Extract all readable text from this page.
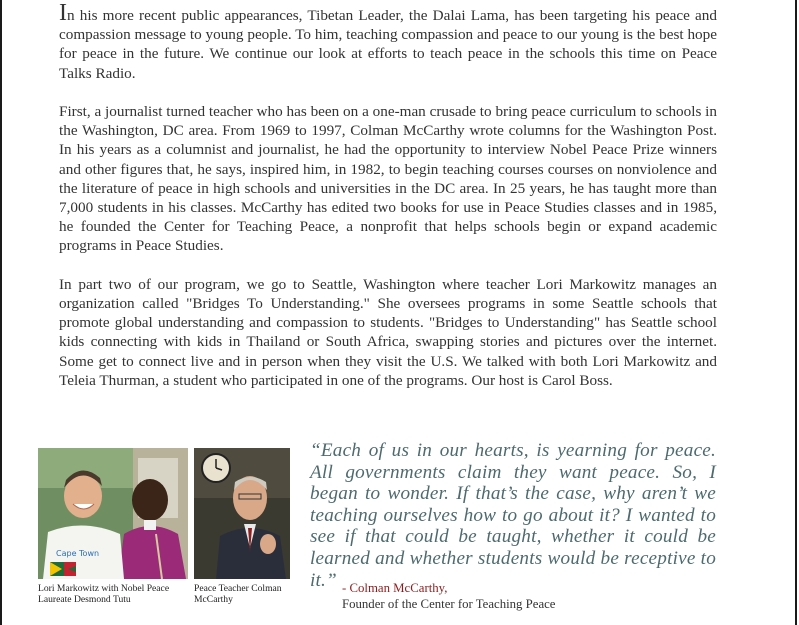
In his more recent public appearances, Tibetan Leader, the Dalai Lama, has been targeting his peace and compassion message to young people. To him, teaching compassion and peace to our young is the best hope for peace in the future. We continue our look at efforts to teach peace in the schools this time on Peace Talks Radio.

First, a journalist turned teacher who has been on a one-man crusade to bring peace curriculum to schools in the Washington, DC area. From 1969 to 1997, Colman McCarthy wrote columns for the Washington Post. In his years as a columnist and journalist, he had the opportunity to interview Nobel Peace Prize winners and other figures that, he says, inspired him, in 1982, to begin teaching courses courses on nonviolence and the literature of peace in high schools and universities in the DC area. In 25 years, he has taught more than 7,000 students in his classes. McCarthy has edited two books for use in Peace Studies classes and in 1985, he founded the Center for Teaching Peace, a nonprofit that helps schools begin or expand academic programs in Peace Studies.

In part two of our program, we go to Seattle, Washington where teacher Lori Markowitz manages an organization called "Bridges To Understanding." She oversees programs in some Seattle schools that promote global understanding and compassion to students. "Bridges to Understanding" has Seattle school kids connecting with kids in Thailand or South Africa, swapping stories and pictures over the internet. Some get to connect live and in person when they visit the U.S. We talked with both Lori Markowitz and Teleia Thurman, a student who participated in one of the programs. Our host is Carol Boss.

Cape Town
Lori Markowitz with Nobel Peace Laureate Desmond Tutu
Peace Teacher Colman McCarthy
“Each of us in our hearts, is yearning for peace. All governments claim they want peace. So, I began to wonder. If that’s the case, why aren’t we teaching ourselves how to go about it? I wanted to see if that could be taught, whether it could be learned and whether students would be receptive to it.” - Colman McCarthy,
Founder of the Center for Teaching Peace
